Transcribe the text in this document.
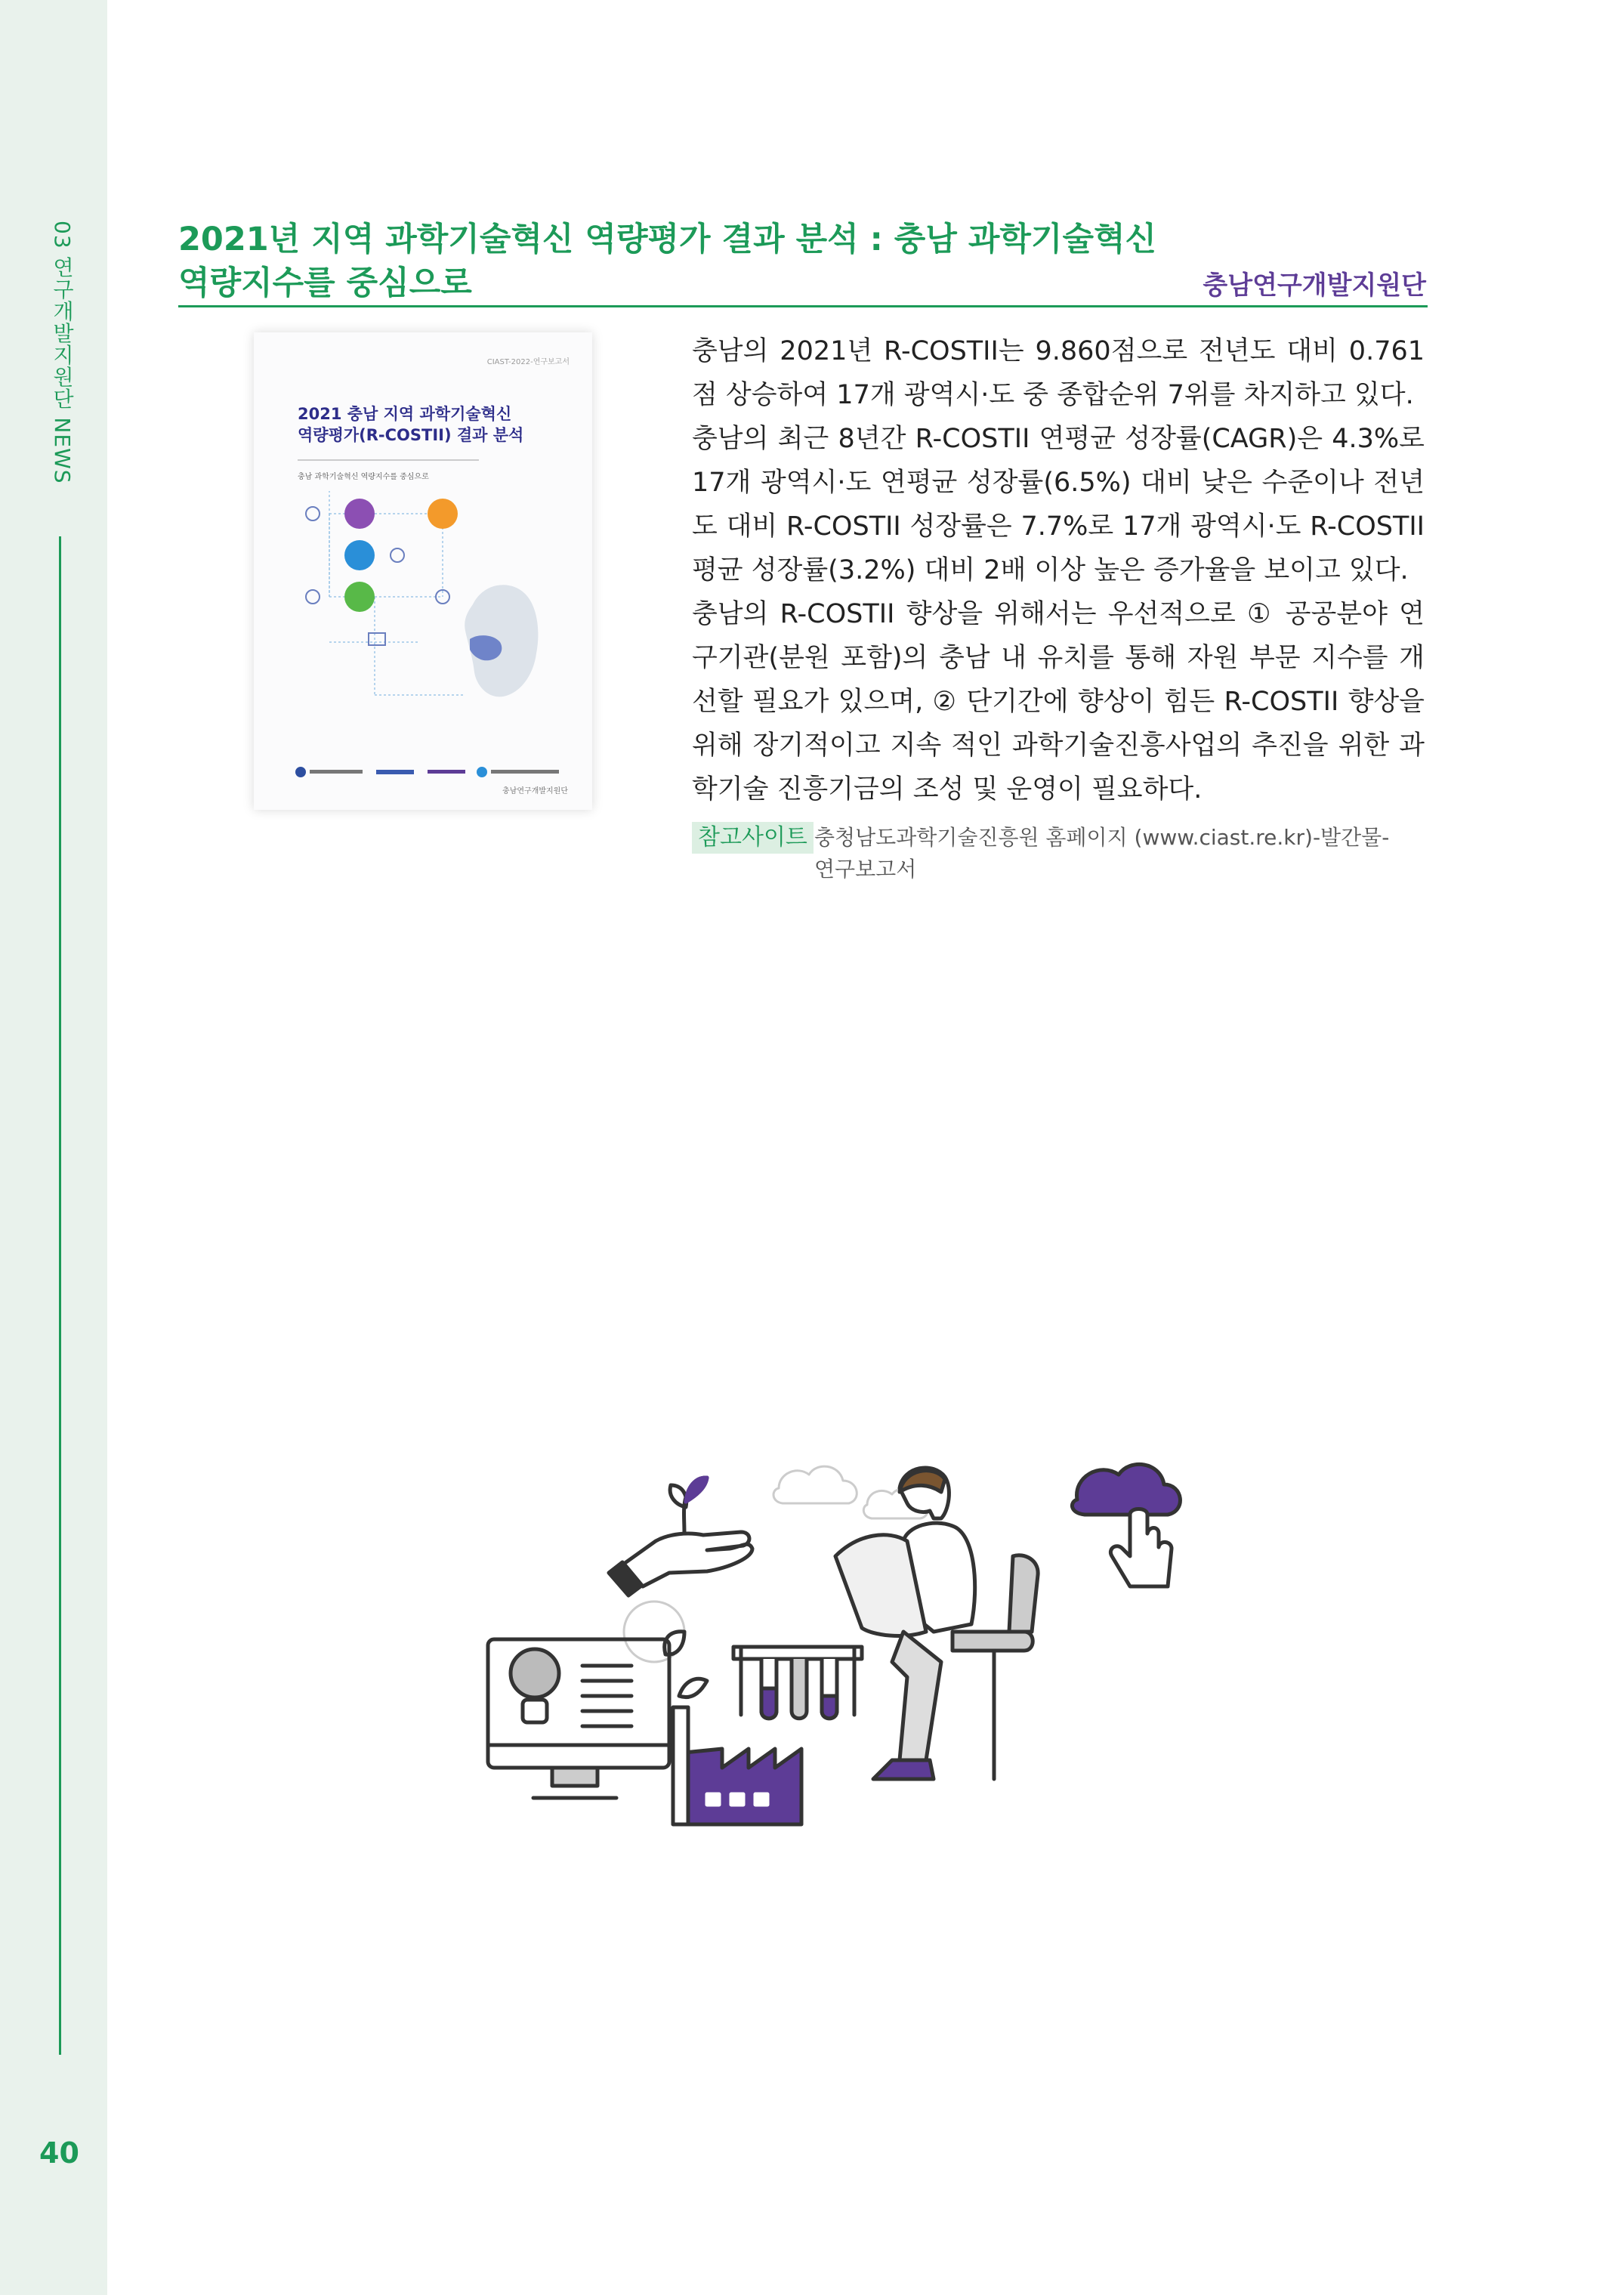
03 연구개발지원단 NEWS
40
2021년 지역 과학기술혁신 역량평가 결과 분석 : 충남 과학기술혁신
역량지수를 중심으로	충남연구개발지원단
CIAST-2022-연구보고서
2021 충남 지역 과학기술혁신
역량평가(R-COSTII) 결과 분석
충남 과학기술혁신 역량지수를 중심으로
충남연구개발지원단

충남의 2021년 R-COSTII는 9.860점으로 전년도 대비 0.761점 상승하여 17개 광역시·도 중 종합순위 7위를 차지하고 있다.

충남의 최근 8년간 R-COSTII 연평균 성장률(CAGR)은 4.3%로 17개 광역시·도 연평균 성장률(6.5%) 대비 낮은 수준이나 전년도 대비 R-COSTII 성장률은 7.7%로 17개 광역시·도 R-COSTII 평균 성장률(3.2%) 대비 2배 이상 높은 증가율을 보이고 있다.

충남의 R-COSTII 향상을 위해서는 우선적으로 ① 공공분야 연구기관(분원 포함)의 충남 내 유치를 통해 자원 부문 지수를 개선할 필요가 있으며, ② 단기간에 향상이 힘든 R-COSTII 향상을 위해 장기적이고 지속 적인 과학기술진흥사업의 추진을 위한 과학기술 진흥기금의 조성 및 운영이 필요하다.

참고사이트 충청남도과학기술진흥원 홈페이지 (www.ciast.re.kr)-발간물-
연구보고서
